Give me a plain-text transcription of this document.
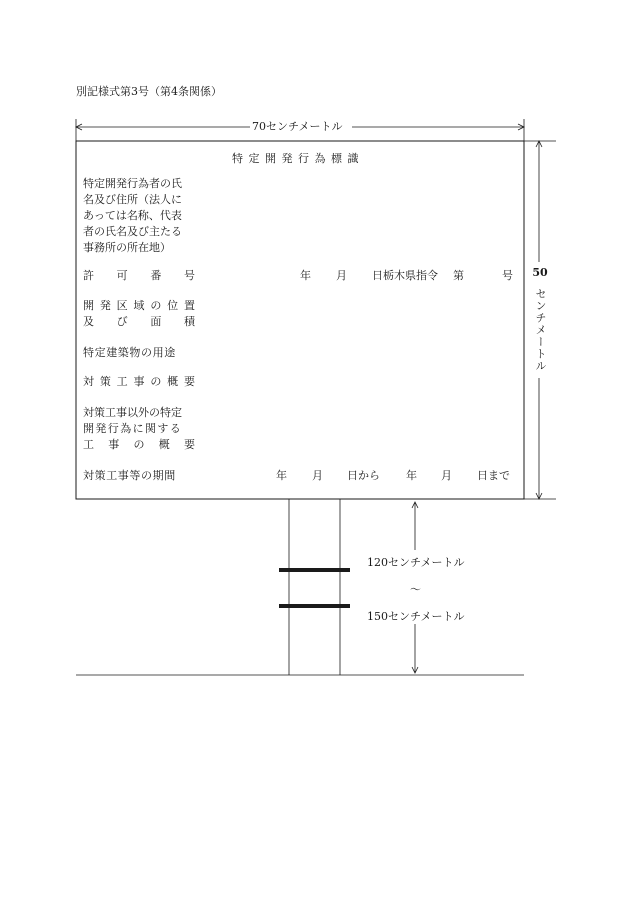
別記様式第3号（第4条関係）
70センチメートル
50
センチメートル
特 定 開 発 行 為 標 識
特定開発行為者の氏
名及び住所（法人に
あっては名称、代表
者の氏名及び主たる
事務所の所在地）
許 可 番 号	年 月 日栃木県指令 第	号
開 発 区 域 の 位 置
及 び 面 積
特定建築物の用途
対 策 工 事 の 概 要
対策工事以外の特定
開発行為に関する
工 事 の 概 要
対策工事等の期間	年 月 日から 年 月 日まで
120センチメートル
〜
150センチメートル
